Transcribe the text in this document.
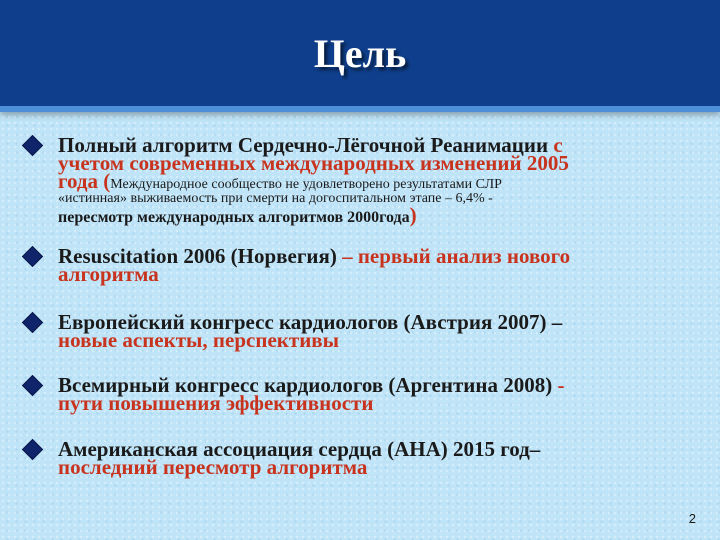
Цель
Полный алгоритм Сердечно-Лёгочной Реанимации с
учетом современных международных изменений 2005
года (Международное сообщество не удовлетворено результатами СЛР
«истинная» выживаемость при смерти на догоспитальном этапе – 6,4% -
пересмотр международных алгоритмов 2000года)
Resuscitation 2006 (Норвегия) – первый анализ нового
алгоритма
Европейский конгресс кардиологов (Австрия 2007) –
новые аспекты, перспективы
Всемирный конгресс кардиологов (Аргентина 2008) -
пути повышения эффективности
Американская ассоциация сердца (АНА) 2015 год–
последний пересмотр алгоритма
2
